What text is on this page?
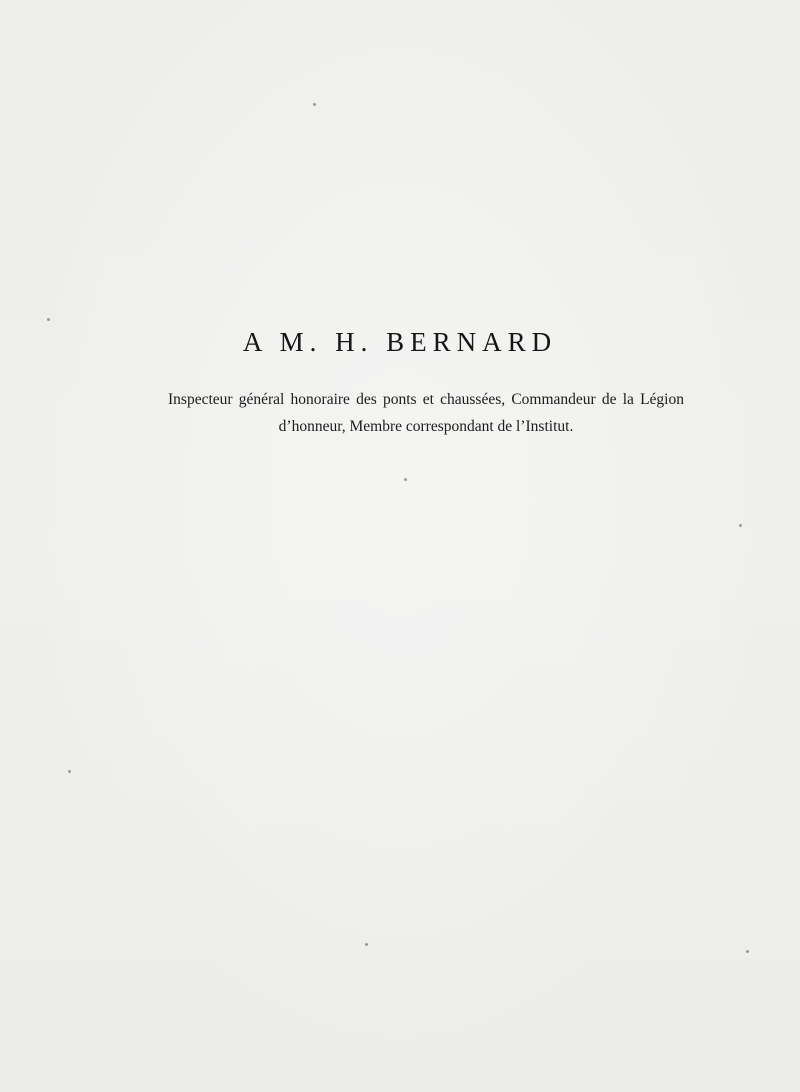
A M. H. BERNARD

Inspecteur général honoraire des ponts et chaussées, Commandeur de la Légion d’honneur, Membre correspondant de l’Institut.
